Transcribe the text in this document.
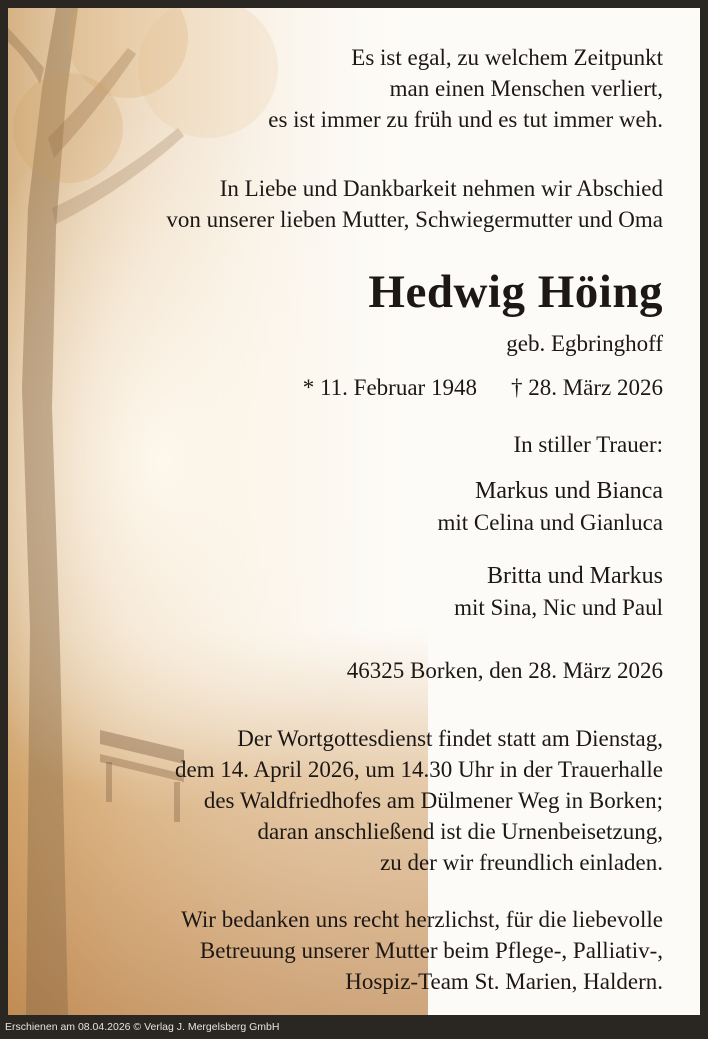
Es ist egal, zu welchem Zeitpunkt
man einen Menschen verliert,
es ist immer zu früh und es tut immer weh.
In Liebe und Dankbarkeit nehmen wir Abschied
von unserer lieben Mutter, Schwiegermutter und Oma
Hedwig Höing
geb. Egbringhoff
* 11. Februar 1948 † 28. März 2026
In stiller Trauer:
Markus und Bianca
mit Celina und Gianluca
Britta und Markus
mit Sina, Nic und Paul
46325 Borken, den 28. März 2026
Der Wortgottesdienst findet statt am Dienstag,
dem 14. April 2026, um 14.30 Uhr in der Trauerhalle
des Waldfriedhofes am Dülmener Weg in Borken;
daran anschließend ist die Urnenbeisetzung,
zu der wir freundlich einladen.
Wir bedanken uns recht herzlichst, für die liebevolle
Betreuung unserer Mutter beim Pflege-, Palliativ-,
Hospiz-Team St. Marien, Haldern.
Erschienen am 08.04.2026 © Verlag J. Mergelsberg GmbH
